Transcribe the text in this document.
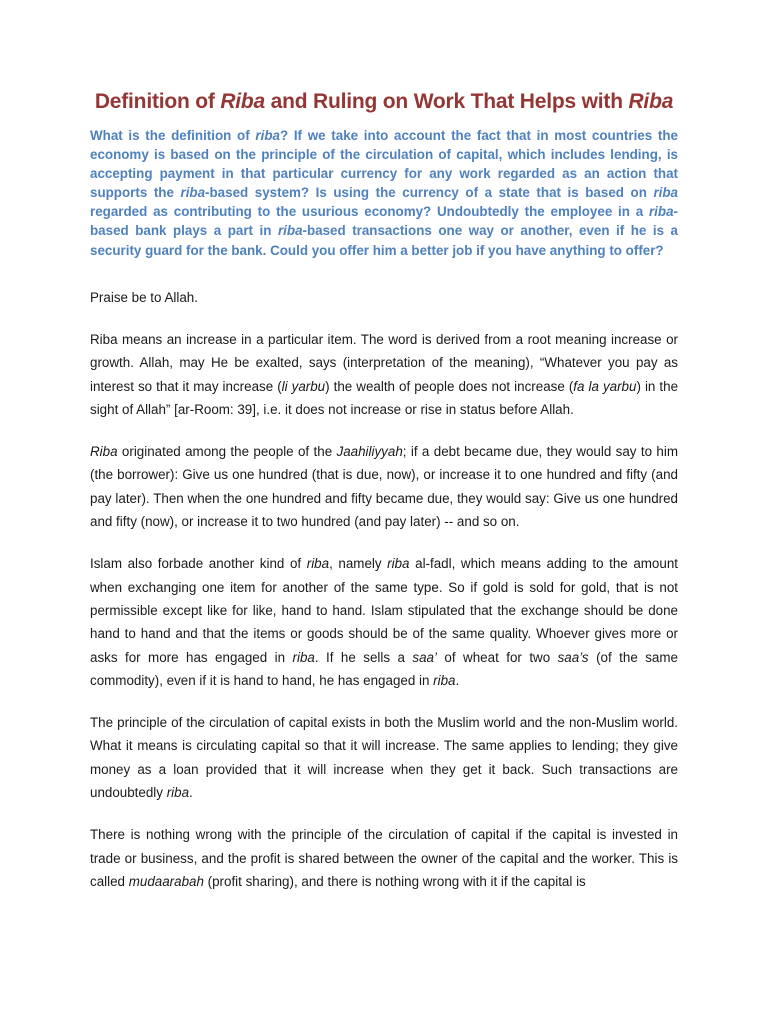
Definition of Riba and Ruling on Work That Helps with Riba

What is the definition of riba? If we take into account the fact that in most countries the economy is based on the principle of the circulation of capital, which includes lending, is accepting payment in that particular currency for any work regarded as an action that supports the riba-based system? Is using the currency of a state that is based on riba regarded as contributing to the usurious economy? Undoubtedly the employee in a riba-based bank plays a part in riba-based transactions one way or another, even if he is a security guard for the bank. Could you offer him a better job if you have anything to offer?

Praise be to Allah.

Riba means an increase in a particular item. The word is derived from a root meaning increase or growth. Allah, may He be exalted, says (interpretation of the meaning), “Whatever you pay as interest so that it may increase (li yarbu) the wealth of people does not increase (fa la yarbu) in the sight of Allah” [ar-Room: 39], i.e. it does not increase or rise in status before Allah.

Riba originated among the people of the Jaahiliyyah; if a debt became due, they would say to him (the borrower): Give us one hundred (that is due, now), or increase it to one hundred and fifty (and pay later). Then when the one hundred and fifty became due, they would say: Give us one hundred and fifty (now), or increase it to two hundred (and pay later) -- and so on.

Islam also forbade another kind of riba, namely riba al-fadl, which means adding to the amount when exchanging one item for another of the same type. So if gold is sold for gold, that is not permissible except like for like, hand to hand. Islam stipulated that the exchange should be done hand to hand and that the items or goods should be of the same quality. Whoever gives more or asks for more has engaged in riba. If he sells a saa’ of wheat for two saa’s (of the same commodity), even if it is hand to hand, he has engaged in riba.

The principle of the circulation of capital exists in both the Muslim world and the non-Muslim world. What it means is circulating capital so that it will increase. The same applies to lending; they give money as a loan provided that it will increase when they get it back. Such transactions are undoubtedly riba.

There is nothing wrong with the principle of the circulation of capital if the capital is invested in trade or business, and the profit is shared between the owner of the capital and the worker. This is called mudaarabah (profit sharing), and there is nothing wrong with it if the capital is
